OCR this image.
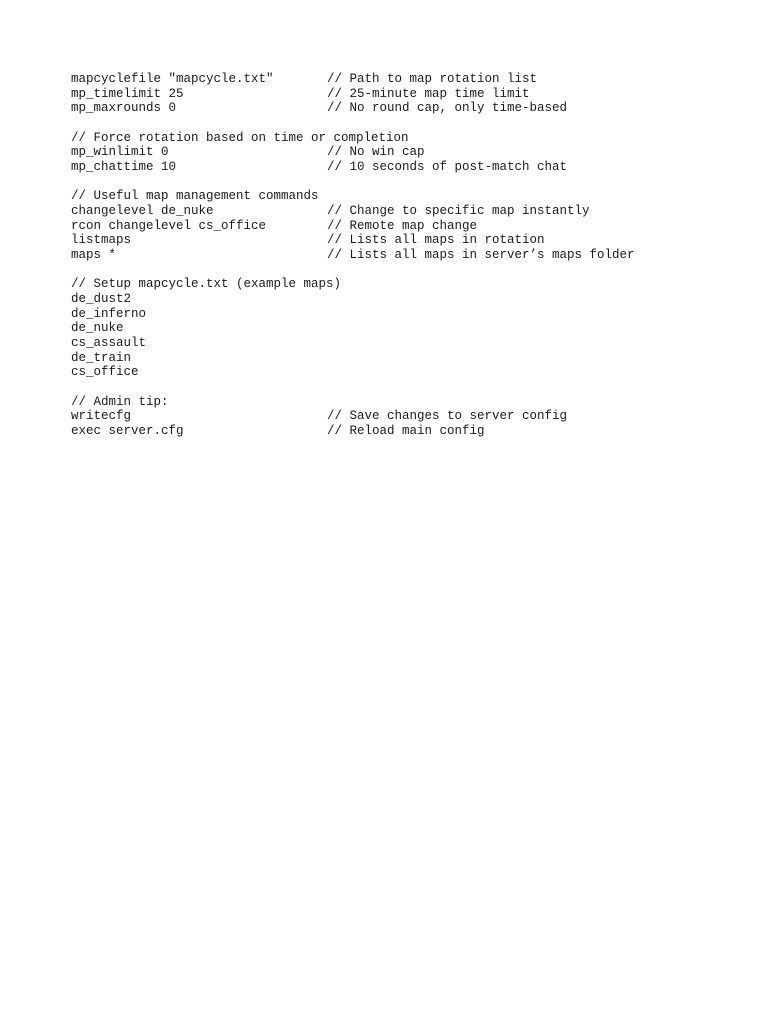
mapcyclefile "mapcycle.txt"	// Path to map rotation list
mp_timelimit 25	// 25-minute map time limit
mp_maxrounds 0	// No round cap, only time-based
// Force rotation based on time or completion
mp_winlimit 0	// No win cap
mp_chattime 10	// 10 seconds of post-match chat
// Useful map management commands
changelevel de_nuke	// Change to specific map instantly
rcon changelevel cs_office	// Remote map change
listmaps	// Lists all maps in rotation
maps *	// Lists all maps in server’s maps folder
// Setup mapcycle.txt (example maps)
de_dust2
de_inferno
de_nuke
cs_assault
de_train
cs_office
// Admin tip:
writecfg	// Save changes to server config
exec server.cfg	// Reload main config
